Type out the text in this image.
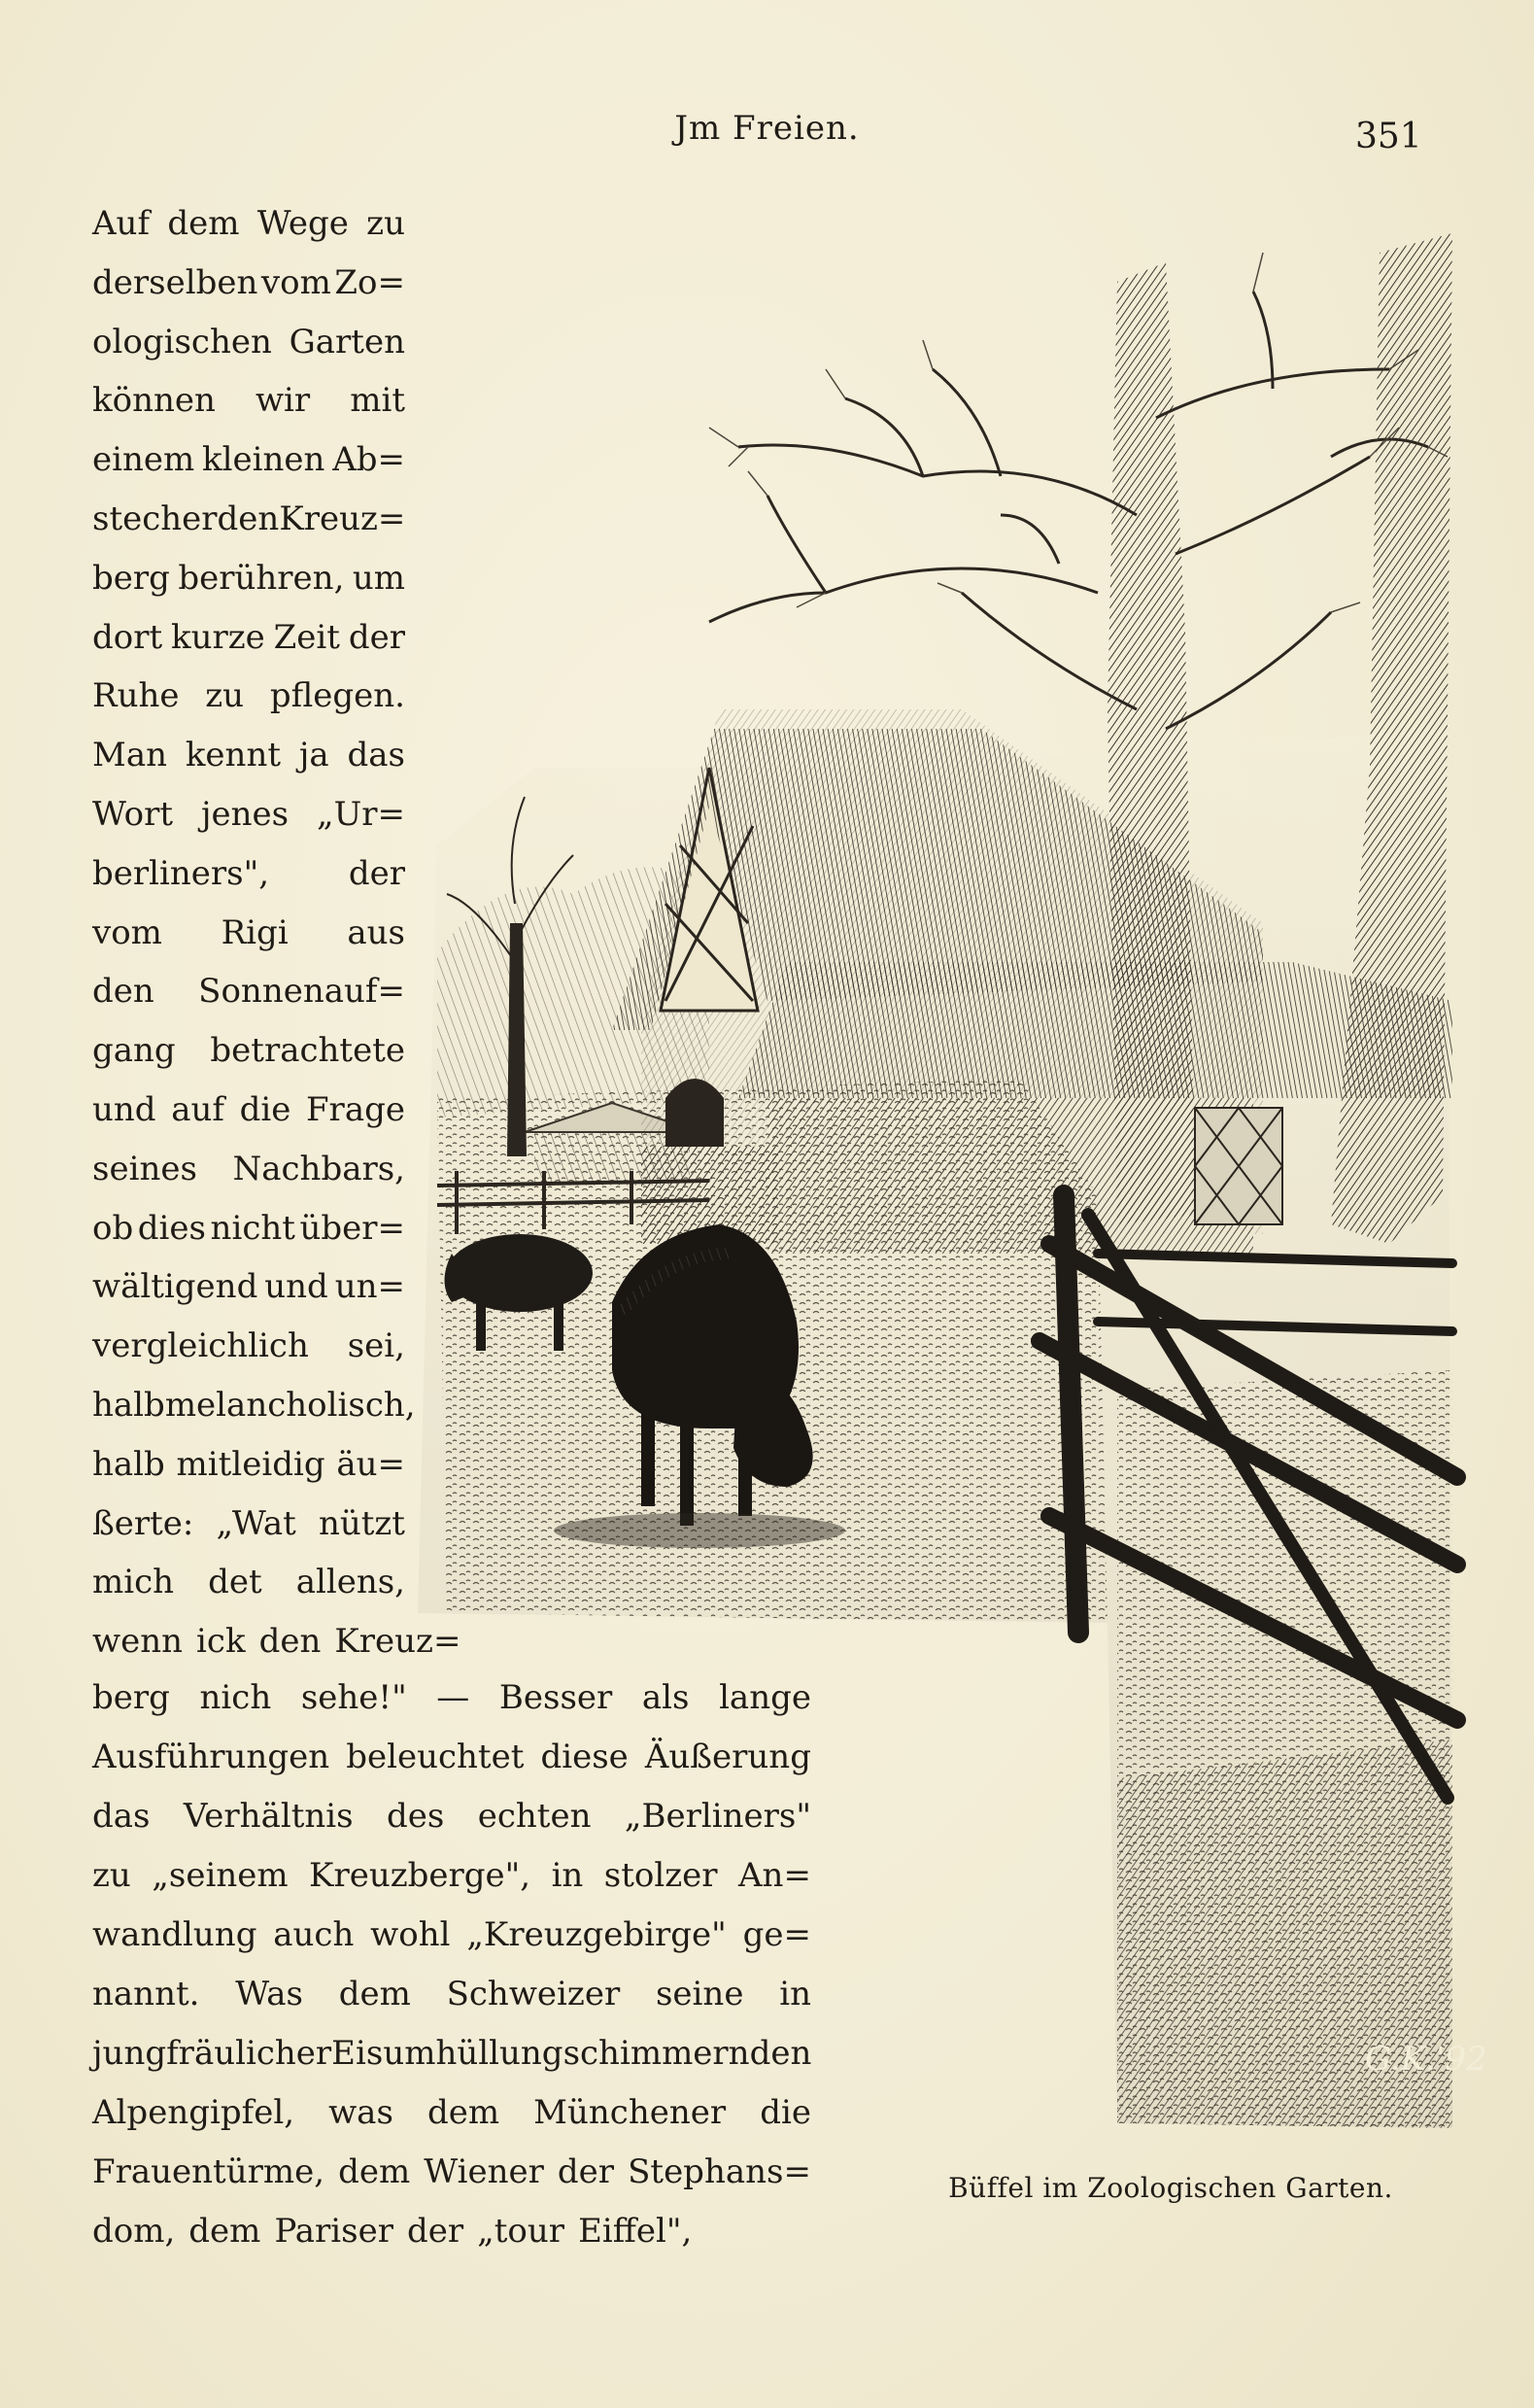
Jm Freien.	351
Auf dem Wege zu
derselben vom Zo=
ologischen Garten
können wir mit
einem kleinen Ab=
stecher den Kreuz=
berg berühren, um
dort kurze Zeit der
Ruhe zu pflegen.
Man kennt ja das
Wort jenes „Ur=
berliners", der
vom Rigi aus
den Sonnenauf=
gang betrachtete
und auf die Frage
seines Nachbars,
ob dies nicht über=
wältigend und un=
vergleichlich sei,
halb melancholisch,
halb mitleidig äu=
ßerte: „Wat nützt
mich det allens,
wenn ick den Kreuz=
berg nich sehe!" — Besser als lange
Ausführungen beleuchtet diese Äußerung
das Verhältnis des echten „Berliners"
zu „seinem Kreuzberge", in stolzer An=
wandlung auch wohl „Kreuzgebirge" ge=
nannt. Was dem Schweizer seine in
jungfräulicher Eisumhüllung schimmernden
Alpengipfel, was dem Münchener die
Frauentürme, dem Wiener der Stephans=
dom, dem Pariser der „tour Eiffel",
G.K.'92
Büffel im Zoologischen Garten.
